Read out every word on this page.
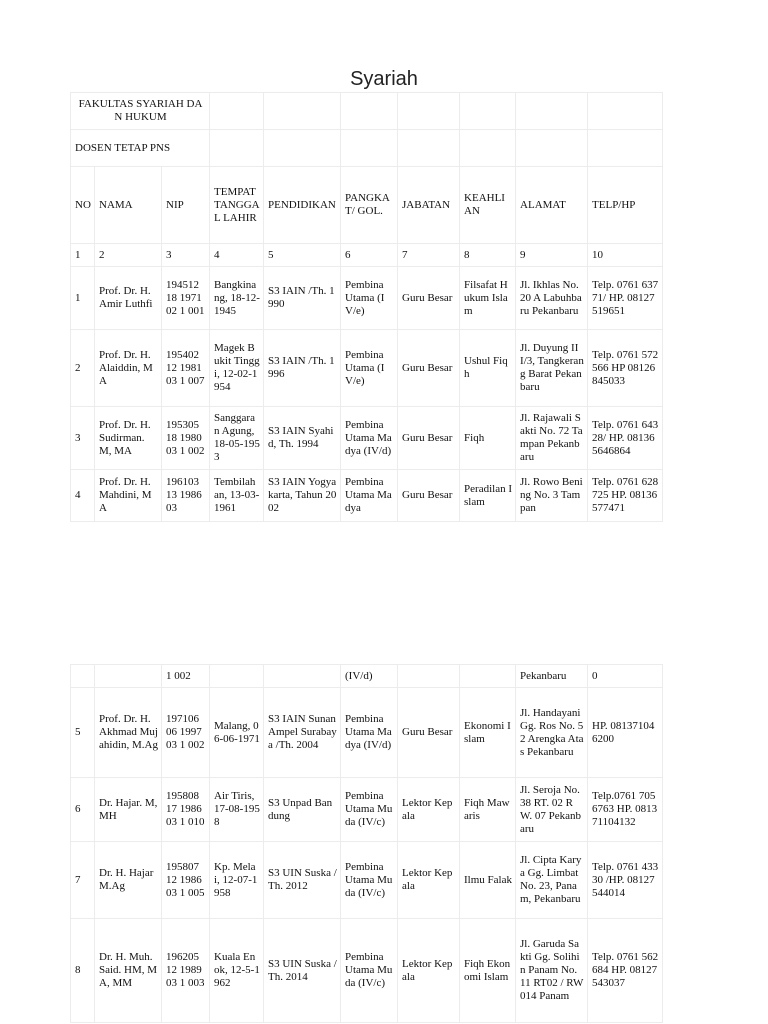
Syariah
FAKULTAS SYARIAH DAN HUKUM									
DOSEN TETAP PNS									
NO	NAMA	NIP	TEMPAT TANGGAL LAHIR	PENDIDIKAN	PANGKAT/ GOL.	JABATAN	KEAHLIAN	ALAMAT	TELP/HP
1	2	3	4	5	6	7	8	9	10
1	Prof. Dr. H. Amir Luthfi	194512 18 197102 1 001	Bangkinang, 18-12-1945	S3 IAIN /Th. 1990	Pembina Utama (IV/e)	Guru Besar	Filsafat Hukum Islam	Jl. Ikhlas No. 20 A Labuhbaru Pekanbaru	Telp. 0761 63771/ HP. 08127519651
2	Prof. Dr. H. Alaiddin, MA	195402 12 198103 1 007	Magek Bukit Tinggi, 12-02-1954	S3 IAIN /Th. 1996	Pembina Utama (IV/e)	Guru Besar	Ushul Fiqh	Jl. Duyung III/3, Tangkerang Barat Pekanbaru	Telp. 0761 572566 HP 08126845033
3	Prof. Dr. H. Sudirman. M, MA	195305 18 198003 1 002	Sanggaran Agung, 18-05-1953	S3 IAIN Syahid, Th. 1994	Pembina Utama Madya (IV/d)	Guru Besar	Fiqh	Jl. Rajawali Sakti No. 72 Tampan Pekanbaru	Telp. 0761 64328/ HP. 081365646864
4	Prof. Dr. H. Mahdini, MA	196103 13 198603	Tembilahan, 13-03-1961	S3 IAIN Yogyakarta, Tahun 2002	Pembina Utama Madya	Guru Besar	Peradilan Islam	Jl. Rowo Bening No. 3 Tampan	Telp. 0761 628725 HP. 08136577471
		1 002			(IV/d)			Pekanbaru	0
5	Prof. Dr. H. Akhmad Mujahidin, M.Ag	197106 06 199703 1 002	Malang, 06-06-1971	S3 IAIN Sunan Ampel Surabaya /Th. 2004	Pembina Utama Madya (IV/d)	Guru Besar	Ekonomi Islam	Jl. Handayani Gg. Ros No. 52 Arengka Atas Pekanbaru	HP. 081371046200
6	Dr. Hajar. M, MH	195808 17 198603 1 010	Air Tiris, 17-08-1958	S3 Unpad Bandung	Pembina Utama Muda (IV/c)	Lektor Kepala	Fiqh Mawaris	Jl. Seroja No. 38 RT. 02 RW. 07 Pekanbaru	Telp.0761 7056763 HP. 081371104132
7	Dr. H. Hajar M.Ag	195807 12 198603 1 005	Kp. Melai, 12-07-1958	S3 UIN Suska / Th. 2012	Pembina Utama Muda (IV/c)	Lektor Kepala	Ilmu Falak	Jl. Cipta Karya Gg. Limbat No. 23, Panam, Pekanbaru	Telp. 0761 43330 /HP. 08127544014
8	Dr. H. Muh. Said. HM, MA, MM	196205 12 198903 1 003	Kuala Enok, 12-5-1962	S3 UIN Suska / Th. 2014	Pembina Utama Muda (IV/c)	Lektor Kepala	Fiqh Ekonomi Islam	Jl. Garuda Sakti Gg. Solihin Panam No. 11 RT02 / RW014 Panam	Telp. 0761 562684 HP. 08127543037
